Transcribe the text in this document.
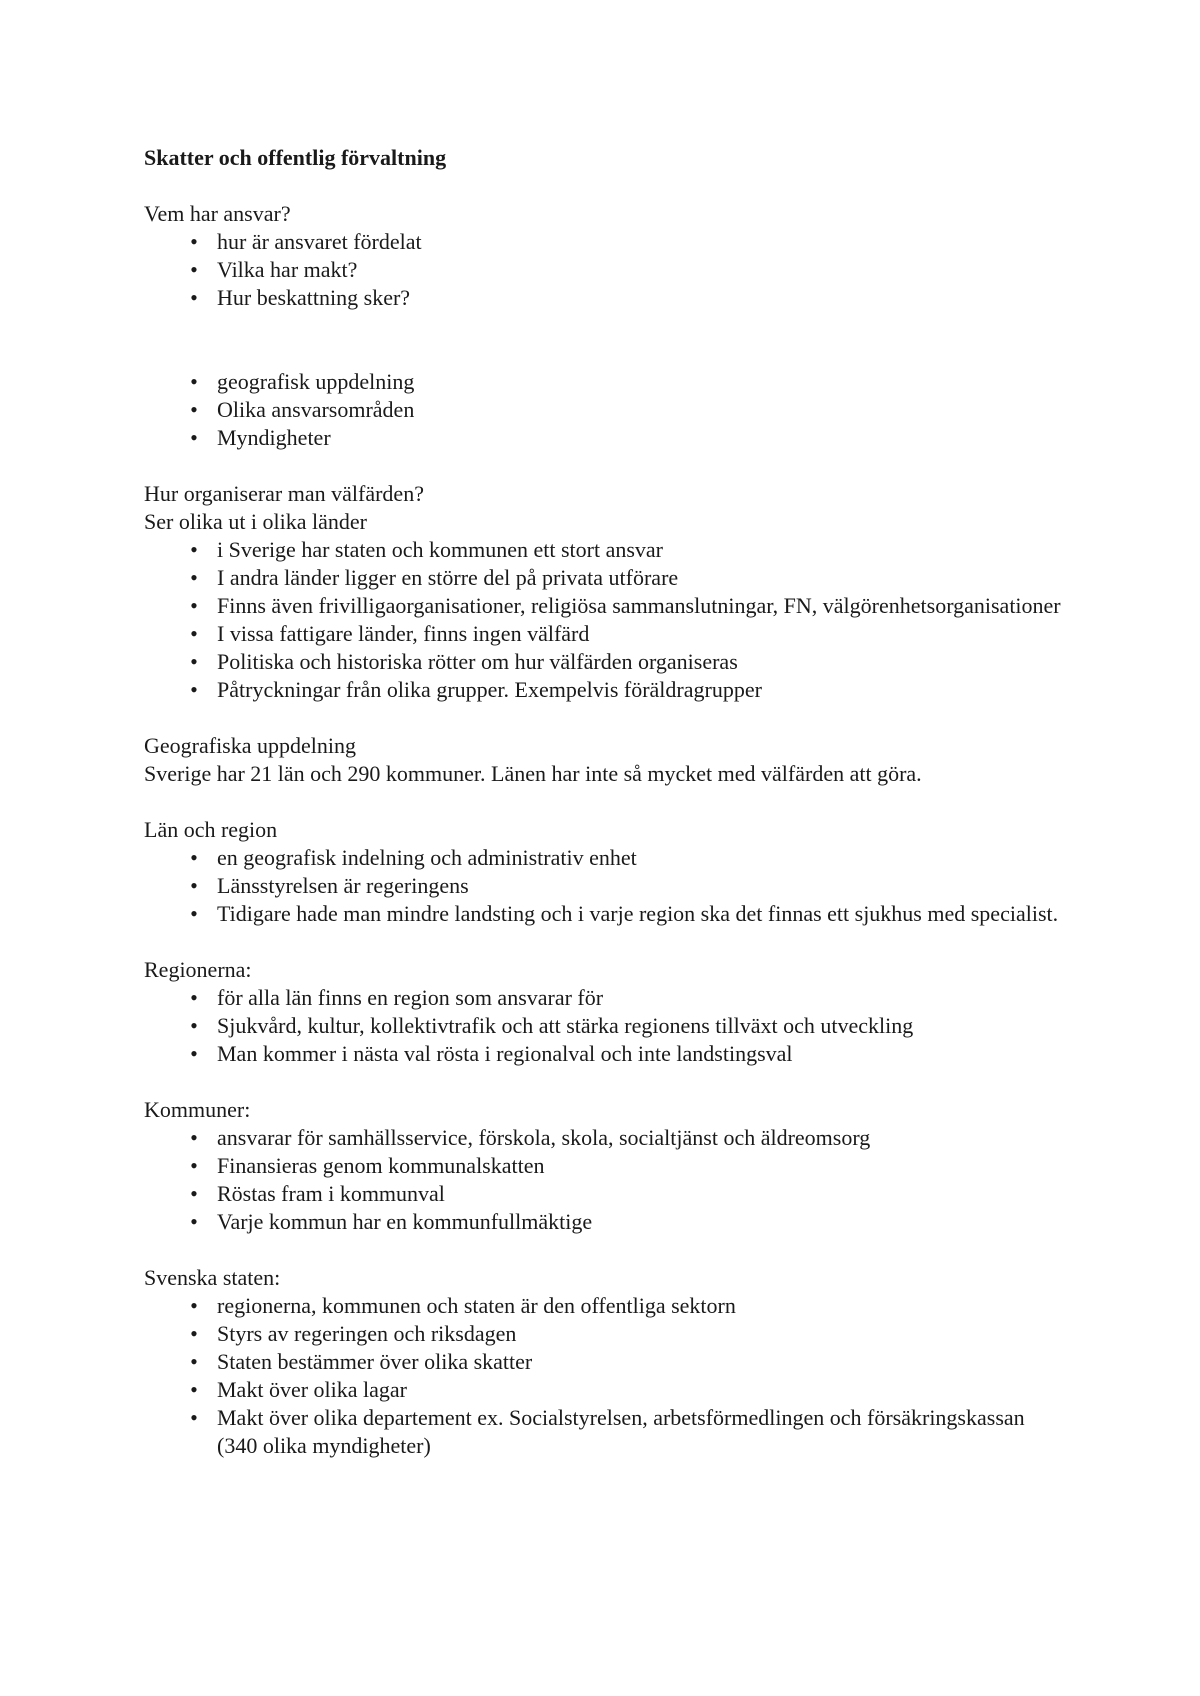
Skatter och offentlig förvaltning
Vem har ansvar?
• hur är ansvaret fördelat
• Vilka har makt?
• Hur beskattning sker?
• geografisk uppdelning
• Olika ansvarsområden
• Myndigheter
Hur organiserar man välfärden?
Ser olika ut i olika länder
• i Sverige har staten och kommunen ett stort ansvar
• I andra länder ligger en större del på privata utförare
• Finns även frivilligaorganisationer, religiösa sammanslutningar, FN, välgörenhetsorganisationer
• I vissa fattigare länder, finns ingen välfärd
• Politiska och historiska rötter om hur välfärden organiseras
• Påtryckningar från olika grupper. Exempelvis föräldragrupper
Geografiska uppdelning
Sverige har 21 län och 290 kommuner. Länen har inte så mycket med välfärden att göra.
Län och region
• en geografisk indelning och administrativ enhet
• Länsstyrelsen är regeringens
• Tidigare hade man mindre landsting och i varje region ska det finnas ett sjukhus med specialist.
Regionerna:
• för alla län finns en region som ansvarar för
• Sjukvård, kultur, kollektivtrafik och att stärka regionens tillväxt och utveckling
• Man kommer i nästa val rösta i regionalval och inte landstingsval
Kommuner:
• ansvarar för samhällsservice, förskola, skola, socialtjänst och äldreomsorg
• Finansieras genom kommunalskatten
• Röstas fram i kommunval
• Varje kommun har en kommunfullmäktige
Svenska staten:
• regionerna, kommunen och staten är den offentliga sektorn
• Styrs av regeringen och riksdagen
• Staten bestämmer över olika skatter
• Makt över olika lagar
• Makt över olika departement ex. Socialstyrelsen, arbetsförmedlingen och försäkringskassan (340 olika myndigheter)
